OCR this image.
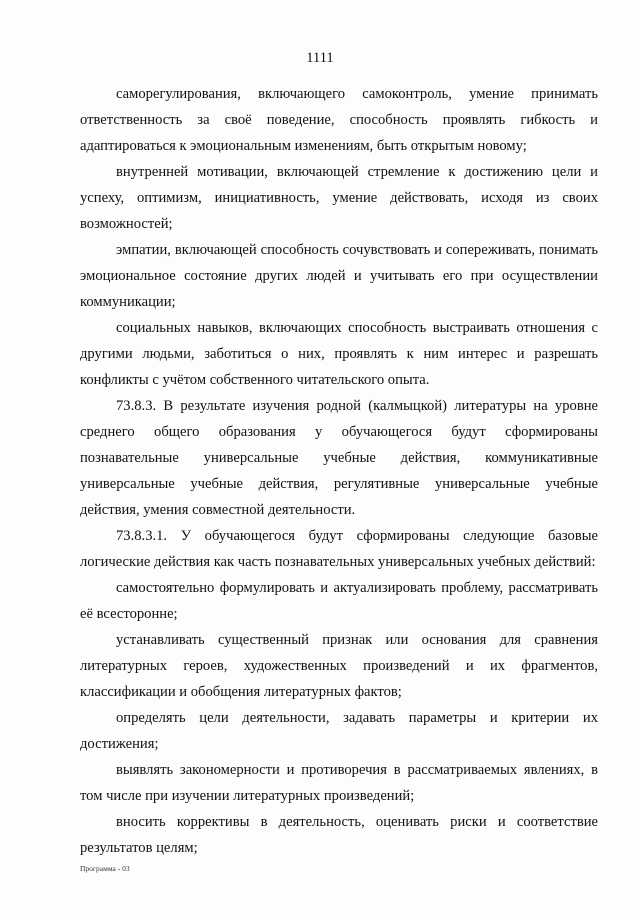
1111

саморегулирования, включающего самоконтроль, умение принимать ответственность за своё поведение, способность проявлять гибкость и адаптироваться к эмоциональным изменениям, быть открытым новому;

внутренней мотивации, включающей стремление к достижению цели и успеху, оптимизм, инициативность, умение действовать, исходя из своих возможностей;

эмпатии, включающей способность сочувствовать и сопереживать, понимать эмоциональное состояние других людей и учитывать его при осуществлении коммуникации;

социальных навыков, включающих способность выстраивать отношения с другими людьми, заботиться о них, проявлять к ним интерес и разрешать конфликты с учётом собственного читательского опыта.

73.8.3. В результате изучения родной (калмыцкой) литературы на уровне среднего общего образования у обучающегося будут сформированы познавательные универсальные учебные действия, коммуникативные универсальные учебные действия, регулятивные универсальные учебные действия, умения совместной деятельности.

73.8.3.1. У обучающегося будут сформированы следующие базовые логические действия как часть познавательных универсальных учебных действий:

самостоятельно формулировать и актуализировать проблему, рассматривать её всесторонне;

устанавливать существенный признак или основания для сравнения литературных героев, художественных произведений и их фрагментов, классификации и обобщения литературных фактов;

определять цели деятельности, задавать параметры и критерии их достижения;

выявлять закономерности и противоречия в рассматриваемых явлениях, в том числе при изучении литературных произведений;

вносить коррективы в деятельность, оценивать риски и соответствие результатов целям;

Программа - 03
